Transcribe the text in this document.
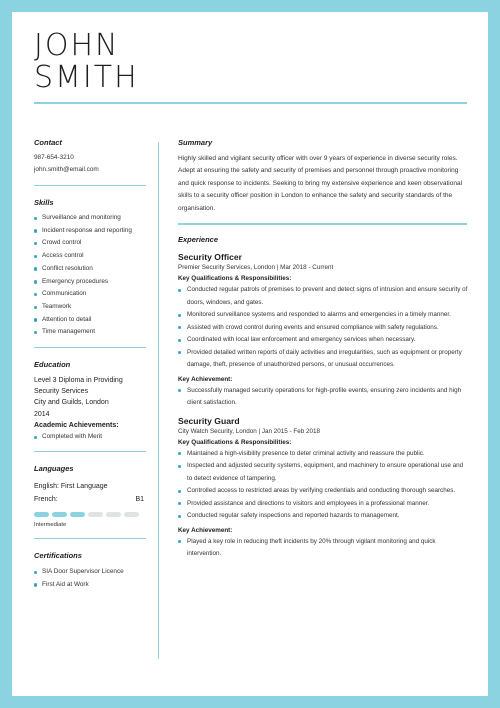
JOHN
SMITH

Contact

987-654-3210
john.smith@email.com

Skills

Surveillance and monitoring
Incident response and reporting
Crowd control
Access control
Conflict resolution
Emergency procedures
Communication
Teamwork
Attention to detail
Time management

Education

Level 3 Diploma in Providing Security Services
City and Guilds, London
2014
Academic Achievements:
Completed with Merit

Languages

English: First Language
French:	B1
Intermediate

Certifications

SIA Door Supervisor Licence
First Aid at Work

Summary

Highly skilled and vigilant security officer with over 9 years of experience in diverse security roles. Adept at ensuring the safety and security of premises and personnel through proactive monitoring and quick response to incidents. Seeking to bring my extensive experience and keen observational skills to a security officer position in London to enhance the safety and security standards of the organisation.

Experience

Security Officer

Premier Security Services, London | Mar 2018 - Current
Key Qualifications & Responsibilities:
Conducted regular patrols of premises to prevent and detect signs of intrusion and ensure security of doors, windows, and gates.
Monitored surveillance systems and responded to alarms and emergencies in a timely manner.
Assisted with crowd control during events and ensured compliance with safety regulations.
Coordinated with local law enforcement and emergency services when necessary.
Provided detailed written reports of daily activities and irregularities, such as equipment or property damage, theft, presence of unauthorized persons, or unusual occurrences.
Key Achievement:
Successfully managed security operations for high-profile events, ensuring zero incidents and high client satisfaction.

Security Guard

City Watch Security, London | Jan 2015 - Feb 2018
Key Qualifications & Responsibilities:
Maintained a high-visibility presence to deter criminal activity and reassure the public.
Inspected and adjusted security systems, equipment, and machinery to ensure operational use and to detect evidence of tampering.
Controlled access to restricted areas by verifying credentials and conducting thorough searches.
Provided assistance and directions to visitors and employees in a professional manner.
Conducted regular safety inspections and reported hazards to management.
Key Achievement:
Played a key role in reducing theft incidents by 20% through vigilant monitoring and quick intervention.
